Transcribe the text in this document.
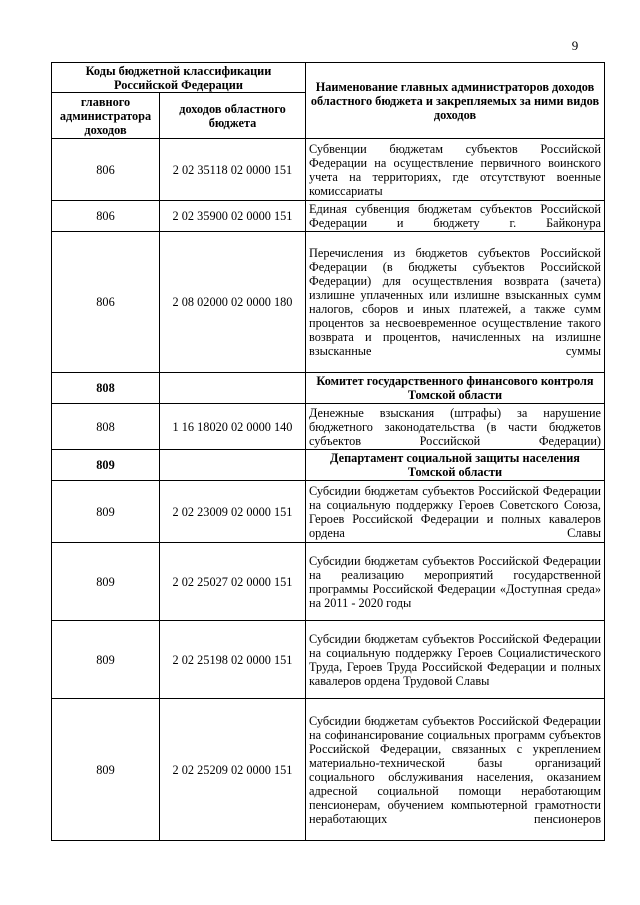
9
Коды бюджетной классификации Российской Федерации		Наименование главных администраторов доходов областного бюджета и закрепляемых за ними видов доходов
главного администратора доходов	доходов областного бюджета	
806	2 02 35118 02 0000 151	Субвенции бюджетам субъектов Российской Федерации на осуществление первичного воинского учета на территориях, где отсутствуют военные комиссариаты
806	2 02 35900 02 0000 151	Единая субвенция бюджетам субъектов Российской Федерации и бюджету г. Байконура
806	2 08 02000 02 0000 180	Перечисления из бюджетов субъектов Российской Федерации (в бюджеты субъектов Российской Федерации) для осуществления возврата (зачета) излишне уплаченных или излишне взысканных сумм налогов, сборов и иных платежей, а также сумм процентов за несвоевременное осуществление такого возврата и процентов, начисленных на излишне взысканные суммы
808		Комитет государственного финансового контроля Томской области
808	1 16 18020 02 0000 140	Денежные взыскания (штрафы) за нарушение бюджетного законодательства (в части бюджетов субъектов Российской Федерации)
809		Департамент социальной защиты населения Томской области
809	2 02 23009 02 0000 151	Субсидии бюджетам субъектов Российской Федерации на социальную поддержку Героев Советского Союза, Героев Российской Федерации и полных кавалеров ордена Славы
809	2 02 25027 02 0000 151	Субсидии бюджетам субъектов Российской Федерации на реализацию мероприятий государственной программы Российской Федерации «Доступная среда» на 2011 - 2020 годы
809	2 02 25198 02 0000 151	Субсидии бюджетам субъектов Российской Федерации на социальную поддержку Героев Социалистического Труда, Героев Труда Российской Федерации и полных кавалеров ордена Трудовой Славы
809	2 02 25209 02 0000 151	Субсидии бюджетам субъектов Российской Федерации на софинансирование социальных программ субъектов Российской Федерации, связанных с укреплением материально-технической базы организаций социального обслуживания населения, оказанием адресной социальной помощи неработающим пенсионерам, обучением компьютерной грамотности неработающих пенсионеров
